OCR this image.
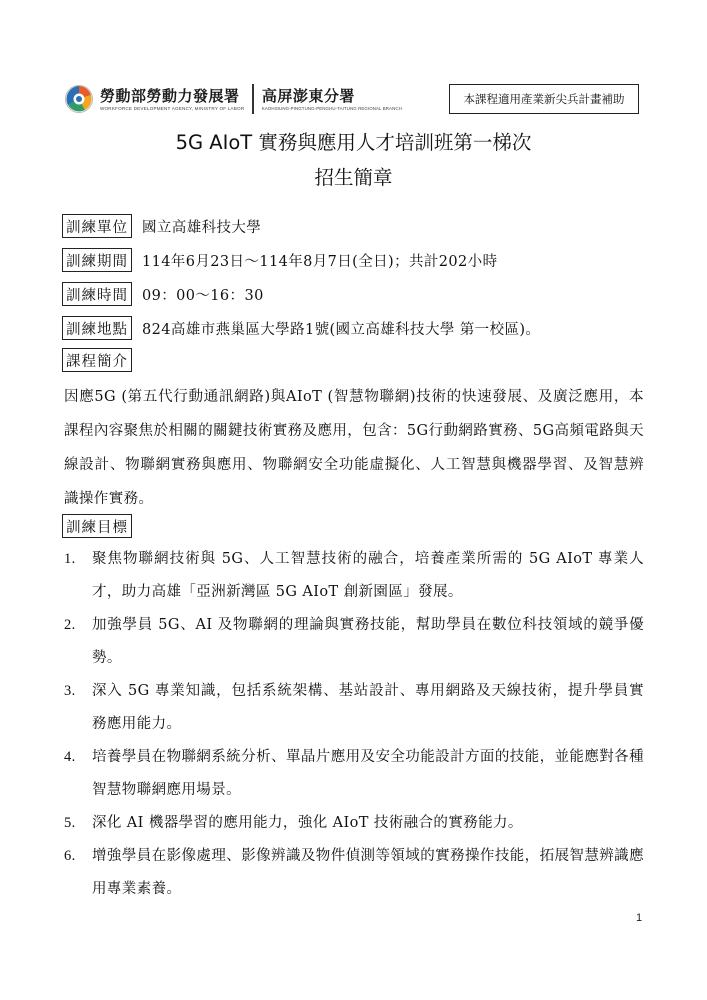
勞動部勞動力發展署
WORKFORCE DEVELOPMENT AGENCY, MINISTRY OF LABOR
高屏澎東分署
KAOHSIUNG-PINGTUNG-PENGHU-TAITUNG REGIONAL BRANCH
本課程適用產業新尖兵計畫補助
5G AIoT 實務與應用人才培訓班第一梯次
招生簡章
訓練單位 國立高雄科技大學
訓練期間 114年6月23日～114年8月7日(全日)；共計202小時
訓練時間 09：00～16：30
訓練地點 824高雄市燕巢區大學路1號(國立高雄科技大學 第一校區)。
課程簡介
因應5G (第五代行動通訊網路)與AIoT (智慧物聯網)技術的快速發展、及廣泛應用，本課程內容聚焦於相關的關鍵技術實務及應用，包含：5G行動網路實務、5G高頻電路與天線設計、物聯網實務與應用、物聯網安全功能虛擬化、人工智慧與機器學習、及智慧辨識操作實務。
訓練目標
1.	聚焦物聯網技術與 5G、人工智慧技術的融合，培養產業所需的 5G AIoT 專業人才，助力高雄「亞洲新灣區 5G AIoT 創新園區」發展。
2.	加強學員 5G、AI 及物聯網的理論與實務技能，幫助學員在數位科技領域的競爭優勢。
3.	深入 5G 專業知識，包括系統架構、基站設計、專用網路及天線技術，提升學員實務應用能力。
4.	培養學員在物聯網系統分析、單晶片應用及安全功能設計方面的技能，並能應對各種智慧物聯網應用場景。
5.	深化 AI 機器學習的應用能力，強化 AIoT 技術融合的實務能力。
6.	增強學員在影像處理、影像辨識及物件偵測等領域的實務操作技能，拓展智慧辨識應用專業素養。
1
